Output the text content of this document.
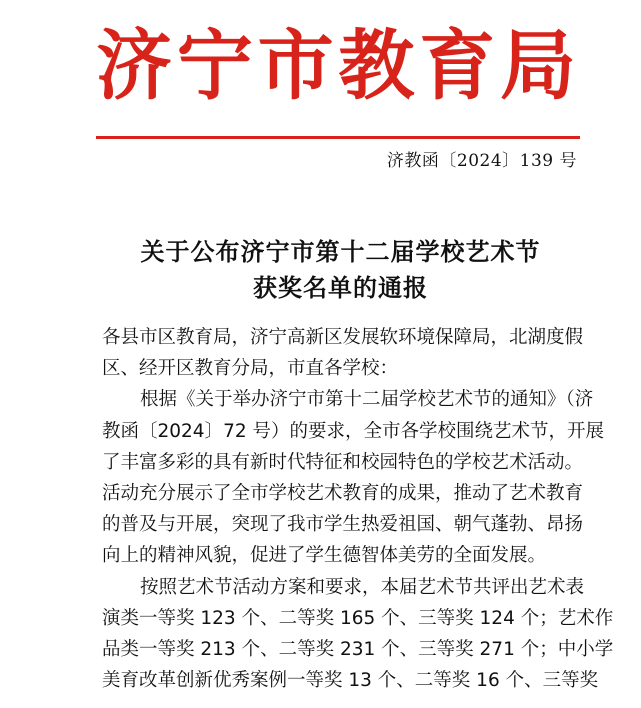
济 宁 市 教 育 局
济教函〔2024〕139 号
关于公布济宁市第十二届学校艺术节
获奖名单的通报
各县市区教育局，济宁高新区发展软环境保障局，北湖度假
区、经开区教育分局，市直各学校：
根据《关于举办济宁市第十二届学校艺术节的通知》（济
教函〔2024〕72 号）的要求，全市各学校围绕艺术节，开展
了丰富多彩的具有新时代特征和校园特色的学校艺术活动。
活动充分展示了全市学校艺术教育的成果，推动了艺术教育
的普及与开展，突现了我市学生热爱祖国、朝气蓬勃、昂扬
向上的精神风貌，促进了学生德智体美劳的全面发展。
按照艺术节活动方案和要求，本届艺术节共评出艺术表
演类一等奖 123 个、二等奖 165 个、三等奖 124 个；艺术作
品类一等奖 213 个、二等奖 231 个、三等奖 271 个；中小学
美育改革创新优秀案例一等奖 13 个、二等奖 16 个、三等奖
